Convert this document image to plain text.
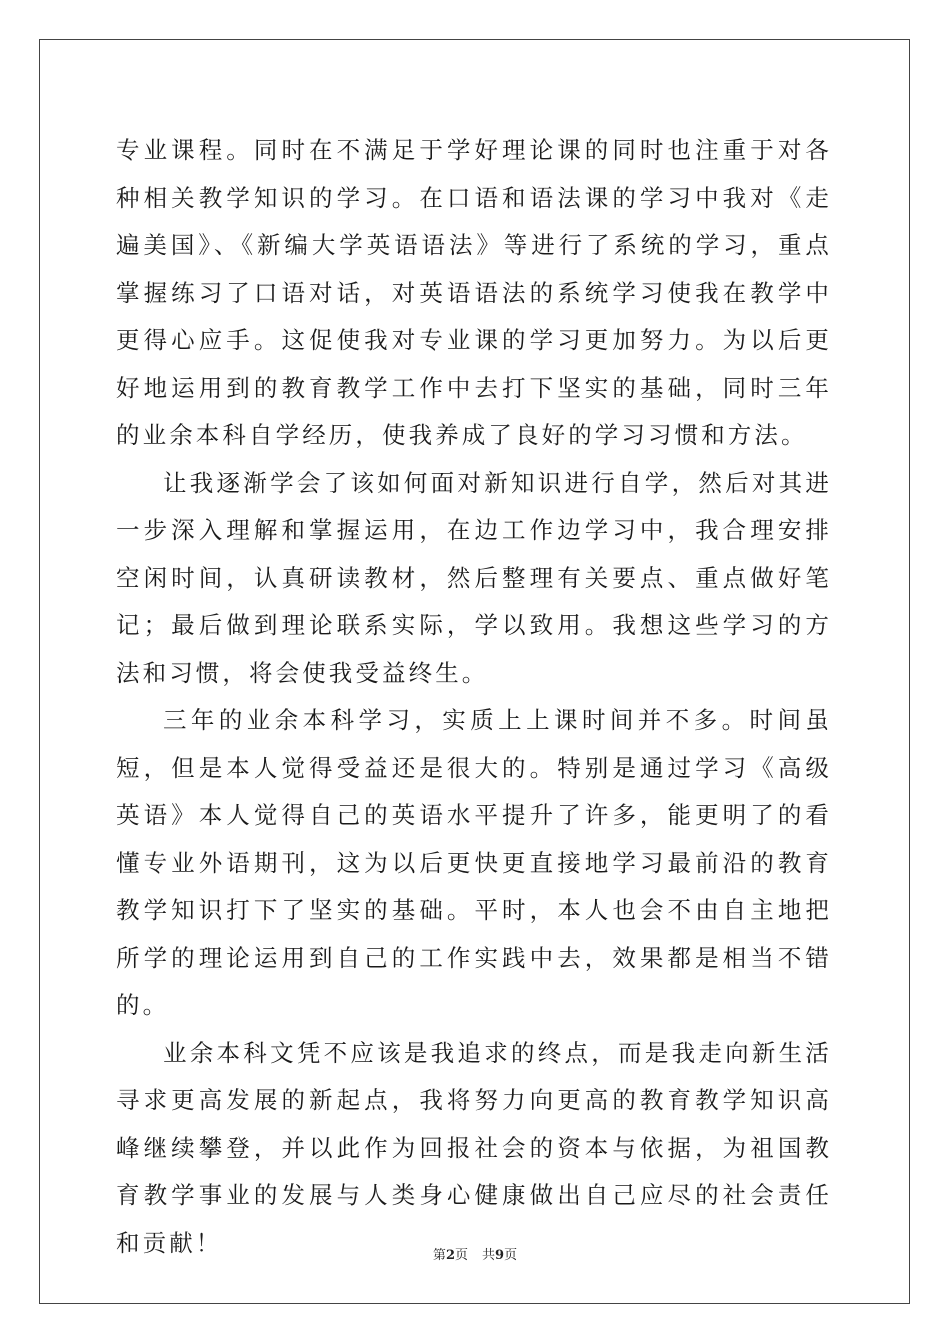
专业课程。同时在不满足于学好理论课的同时也注重于对各种相关教学知识的学习。在口语和语法课的学习中我对《走遍美国》、《新编大学英语语法》等进行了系统的学习，重点掌握练习了口语对话，对英语语法的系统学习使我在教学中更得心应手。这促使我对专业课的学习更加努力。为以后更好地运用到的教育教学工作中去打下坚实的基础，同时三年的业余本科自学经历，使我养成了良好的学习习惯和方法。

让我逐渐学会了该如何面对新知识进行自学，然后对其进一步深入理解和掌握运用，在边工作边学习中，我合理安排空闲时间，认真研读教材，然后整理有关要点、重点做好笔记；最后做到理论联系实际，学以致用。我想这些学习的方法和习惯，将会使我受益终生。

三年的业余本科学习，实质上上课时间并不多。时间虽短，但是本人觉得受益还是很大的。特别是通过学习《高级英语》本人觉得自己的英语水平提升了许多，能更明了的看懂专业外语期刊，这为以后更快更直接地学习最前沿的教育教学知识打下了坚实的基础。平时，本人也会不由自主地把所学的理论运用到自己的工作实践中去，效果都是相当不错的。

业余本科文凭不应该是我追求的终点，而是我走向新生活寻求更高发展的新起点，我将努力向更高的教育教学知识高峰继续攀登，并以此作为回报社会的资本与依据，为祖国教育教学事业的发展与人类身心健康做出自己应尽的社会责任和贡献！	第2页 共9页
